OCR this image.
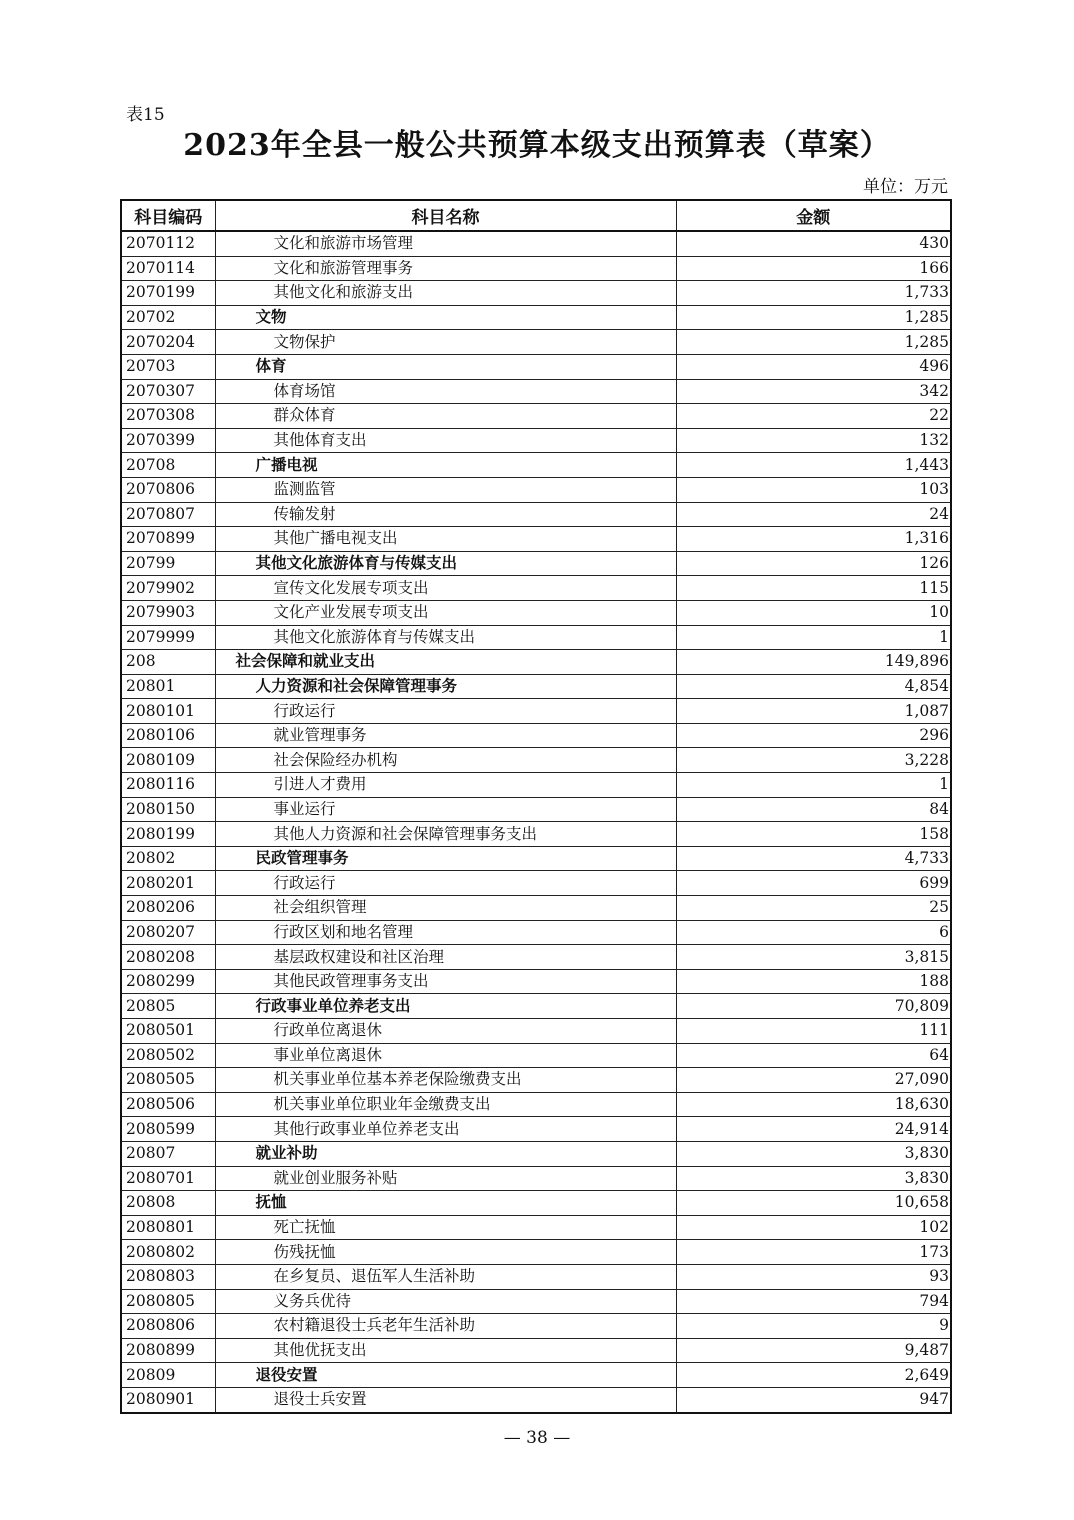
表15
2023年全县一般公共预算本级支出预算表（草案）
单位：万元
科目编码	科目名称	金额
2070112	文化和旅游市场管理	430
2070114	文化和旅游管理事务	166
2070199	其他文化和旅游支出	1,733
20702	文物	1,285
2070204	文物保护	1,285
20703	体育	496
2070307	体育场馆	342
2070308	群众体育	22
2070399	其他体育支出	132
20708	广播电视	1,443
2070806	监测监管	103
2070807	传输发射	24
2070899	其他广播电视支出	1,316
20799	其他文化旅游体育与传媒支出	126
2079902	宣传文化发展专项支出	115
2079903	文化产业发展专项支出	10
2079999	其他文化旅游体育与传媒支出	1
208	社会保障和就业支出	149,896
20801	人力资源和社会保障管理事务	4,854
2080101	行政运行	1,087
2080106	就业管理事务	296
2080109	社会保险经办机构	3,228
2080116	引进人才费用	1
2080150	事业运行	84
2080199	其他人力资源和社会保障管理事务支出	158
20802	民政管理事务	4,733
2080201	行政运行	699
2080206	社会组织管理	25
2080207	行政区划和地名管理	6
2080208	基层政权建设和社区治理	3,815
2080299	其他民政管理事务支出	188
20805	行政事业单位养老支出	70,809
2080501	行政单位离退休	111
2080502	事业单位离退休	64
2080505	机关事业单位基本养老保险缴费支出	27,090
2080506	机关事业单位职业年金缴费支出	18,630
2080599	其他行政事业单位养老支出	24,914
20807	就业补助	3,830
2080701	就业创业服务补贴	3,830
20808	抚恤	10,658
2080801	死亡抚恤	102
2080802	伤残抚恤	173
2080803	在乡复员、退伍军人生活补助	93
2080805	义务兵优待	794
2080806	农村籍退役士兵老年生活补助	9
2080899	其他优抚支出	9,487
20809	退役安置	2,649
2080901	退役士兵安置	947
— 38 —
